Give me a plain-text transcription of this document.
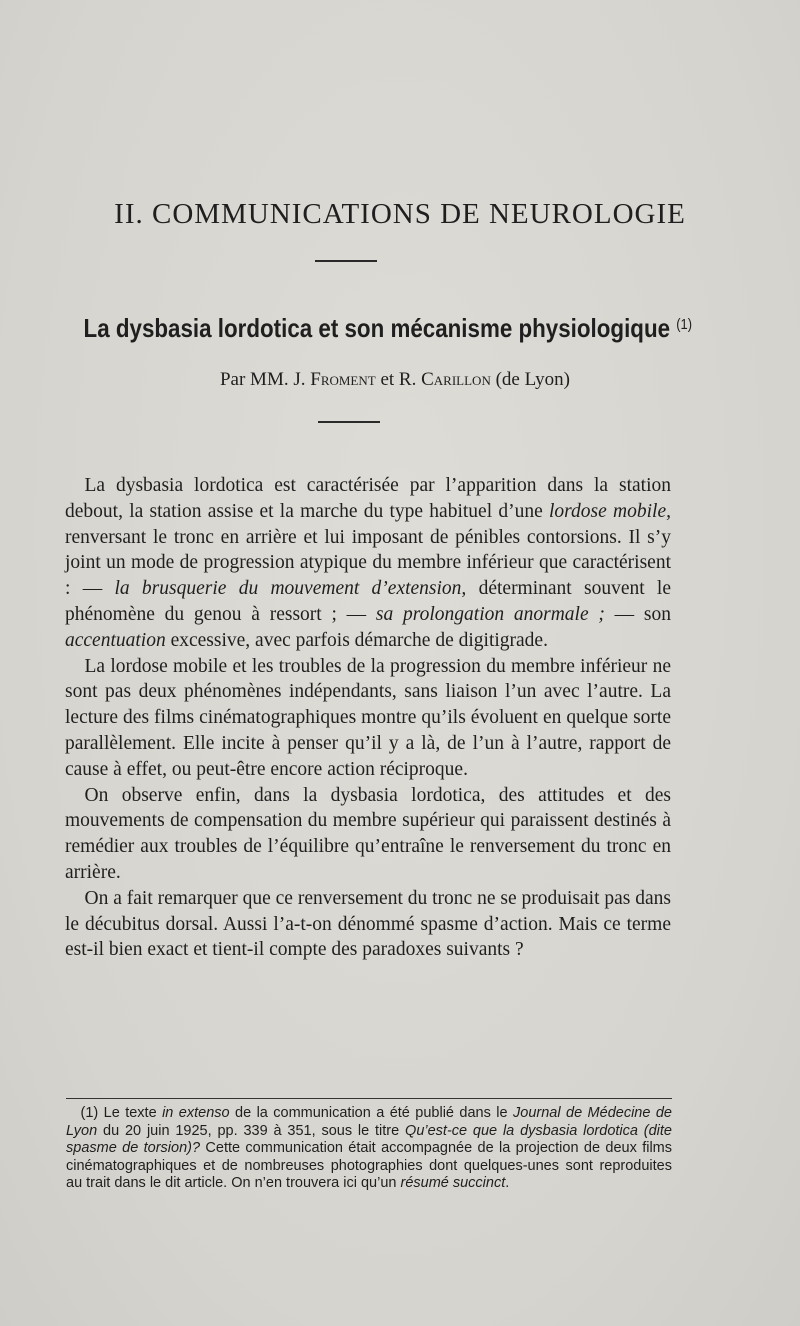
II. COMMUNICATIONS DE NEUROLOGIE
La dysbasia lordotica et son mécanisme physiologique $^{(1)}$
Par MM. J. Froment et R. Carillon (de Lyon)

La dysbasia lordotica est caractérisée par l’apparition dans la station debout, la station assise et la marche du type habituel d’une lordose mobile, renversant le tronc en arrière et lui imposant de pénibles contorsions. Il s’y joint un mode de progression atypique du membre inférieur que caractérisent : — la brusquerie du mouvement d’extension, déterminant souvent le phénomène du genou à ressort ; — sa prolongation anormale ; — son accentuation excessive, avec parfois démarche de digitigrade.

La lordose mobile et les troubles de la progression du membre inférieur ne sont pas deux phénomènes indépendants, sans liaison l’un avec l’autre. La lecture des films cinématographiques montre qu’ils évoluent en quelque sorte parallèlement. Elle incite à penser qu’il y a là, de l’un à l’autre, rapport de cause à effet, ou peut-être encore action réciproque.

On observe enfin, dans la dysbasia lordotica, des attitudes et des mouvements de compensation du membre supérieur qui paraissent destinés à remédier aux troubles de l’équilibre qu’entraîne le renversement du tronc en arrière.

On a fait remarquer que ce renversement du tronc ne se produisait pas dans le décubitus dorsal. Aussi l’a-t-on dénommé spasme d’action. Mais ce terme est-il bien exact et tient-il compte des paradoxes suivants ?

(1) Le texte in extenso de la communication a été publié dans le Journal de Médecine de Lyon du 20 juin 1925, pp. 339 à 351, sous le titre Qu’est-ce que la dysbasia lordotica (dite spasme de torsion)? Cette communication était accompagnée de la projection de deux films cinématographiques et de nombreuses photographies dont quelques-unes sont reproduites au trait dans le dit article. On n’en trouvera ici qu’un résumé succinct.
